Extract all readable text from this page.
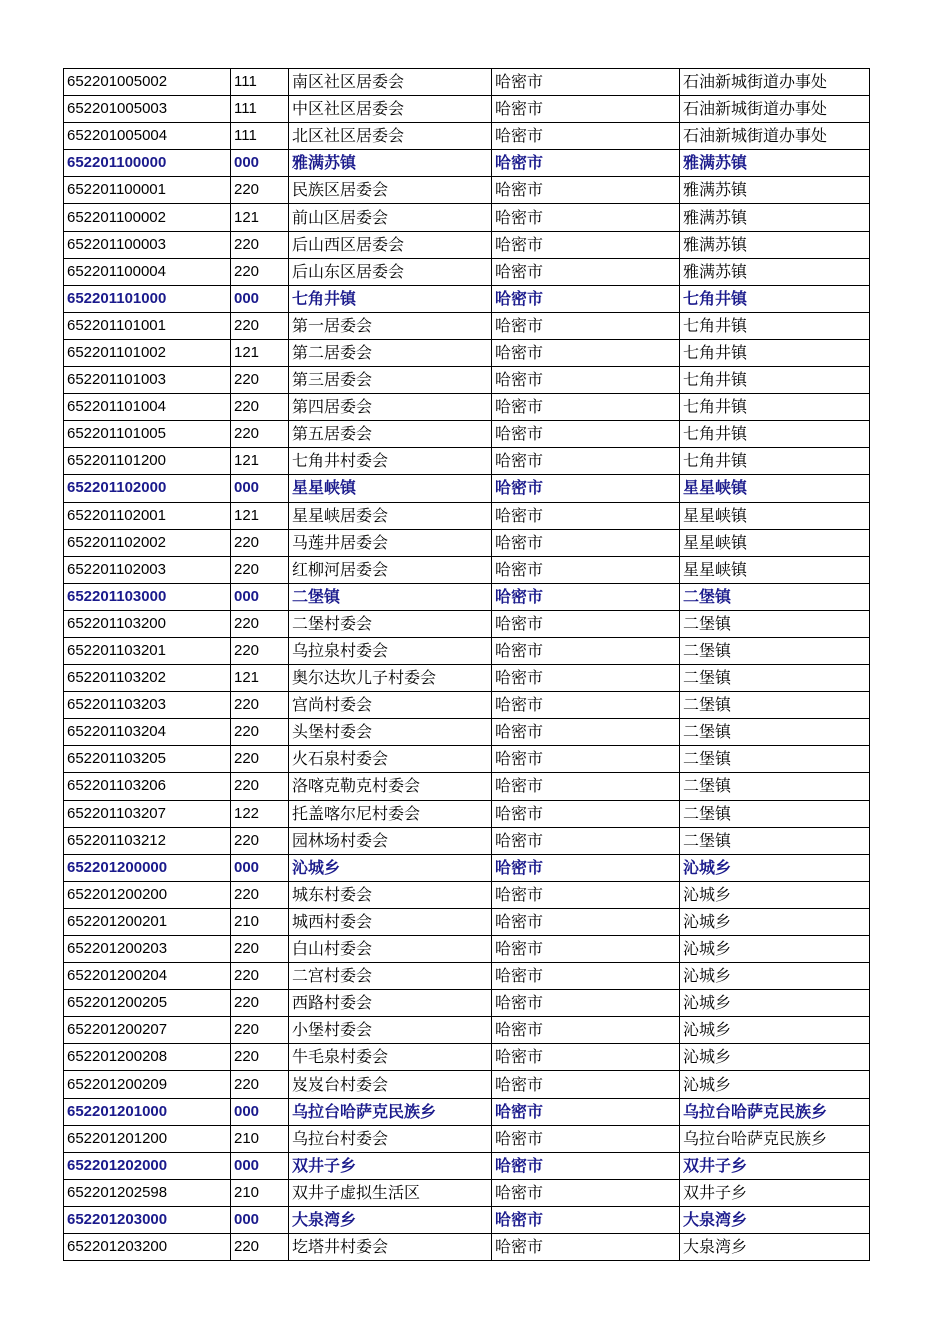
652201005002	111	南区社区居委会	哈密市	石油新城街道办事处
652201005003	111	中区社区居委会	哈密市	石油新城街道办事处
652201005004	111	北区社区居委会	哈密市	石油新城街道办事处
652201100000	000	雅满苏镇	哈密市	雅满苏镇
652201100001	220	民族区居委会	哈密市	雅满苏镇
652201100002	121	前山区居委会	哈密市	雅满苏镇
652201100003	220	后山西区居委会	哈密市	雅满苏镇
652201100004	220	后山东区居委会	哈密市	雅满苏镇
652201101000	000	七角井镇	哈密市	七角井镇
652201101001	220	第一居委会	哈密市	七角井镇
652201101002	121	第二居委会	哈密市	七角井镇
652201101003	220	第三居委会	哈密市	七角井镇
652201101004	220	第四居委会	哈密市	七角井镇
652201101005	220	第五居委会	哈密市	七角井镇
652201101200	121	七角井村委会	哈密市	七角井镇
652201102000	000	星星峡镇	哈密市	星星峡镇
652201102001	121	星星峡居委会	哈密市	星星峡镇
652201102002	220	马莲井居委会	哈密市	星星峡镇
652201102003	220	红柳河居委会	哈密市	星星峡镇
652201103000	000	二堡镇	哈密市	二堡镇
652201103200	220	二堡村委会	哈密市	二堡镇
652201103201	220	乌拉泉村委会	哈密市	二堡镇
652201103202	121	奥尔达坎儿子村委会	哈密市	二堡镇
652201103203	220	宫尚村委会	哈密市	二堡镇
652201103204	220	头堡村委会	哈密市	二堡镇
652201103205	220	火石泉村委会	哈密市	二堡镇
652201103206	220	洛喀克勒克村委会	哈密市	二堡镇
652201103207	122	托盖喀尔尼村委会	哈密市	二堡镇
652201103212	220	园林场村委会	哈密市	二堡镇
652201200000	000	沁城乡	哈密市	沁城乡
652201200200	220	城东村委会	哈密市	沁城乡
652201200201	210	城西村委会	哈密市	沁城乡
652201200203	220	白山村委会	哈密市	沁城乡
652201200204	220	二宫村委会	哈密市	沁城乡
652201200205	220	西路村委会	哈密市	沁城乡
652201200207	220	小堡村委会	哈密市	沁城乡
652201200208	220	牛毛泉村委会	哈密市	沁城乡
652201200209	220	岌岌台村委会	哈密市	沁城乡
652201201000	000	乌拉台哈萨克民族乡	哈密市	乌拉台哈萨克民族乡
652201201200	210	乌拉台村委会	哈密市	乌拉台哈萨克民族乡
652201202000	000	双井子乡	哈密市	双井子乡
652201202598	210	双井子虚拟生活区	哈密市	双井子乡
652201203000	000	大泉湾乡	哈密市	大泉湾乡
652201203200	220	圪塔井村委会	哈密市	大泉湾乡
